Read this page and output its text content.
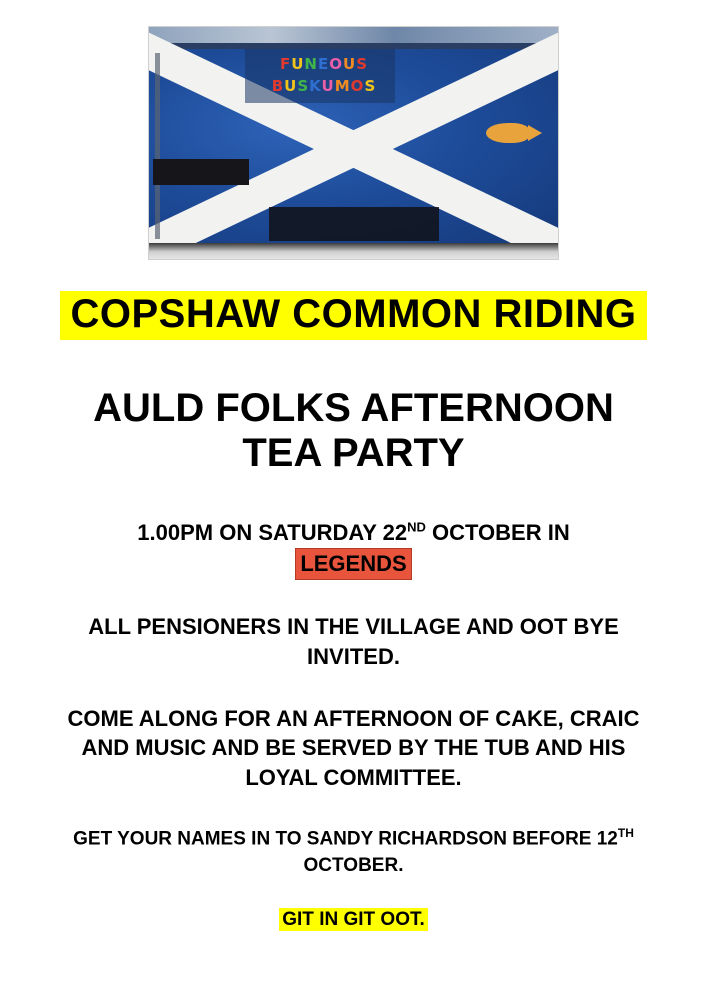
FUNEOUS
BUSKUMOS
COPSHAW COMMON RIDING
AULD FOLKS AFTERNOON
TEA PARTY
1.00PM ON SATURDAY 22ND OCTOBER IN
LEGENDS
ALL PENSIONERS IN THE VILLAGE AND OOT BYE INVITED.
COME ALONG FOR AN AFTERNOON OF CAKE, CRAIC AND MUSIC AND BE SERVED BY THE TUB AND HIS LOYAL COMMITTEE.
GET YOUR NAMES IN TO SANDY RICHARDSON BEFORE 12TH OCTOBER.
GIT IN GIT OOT.
